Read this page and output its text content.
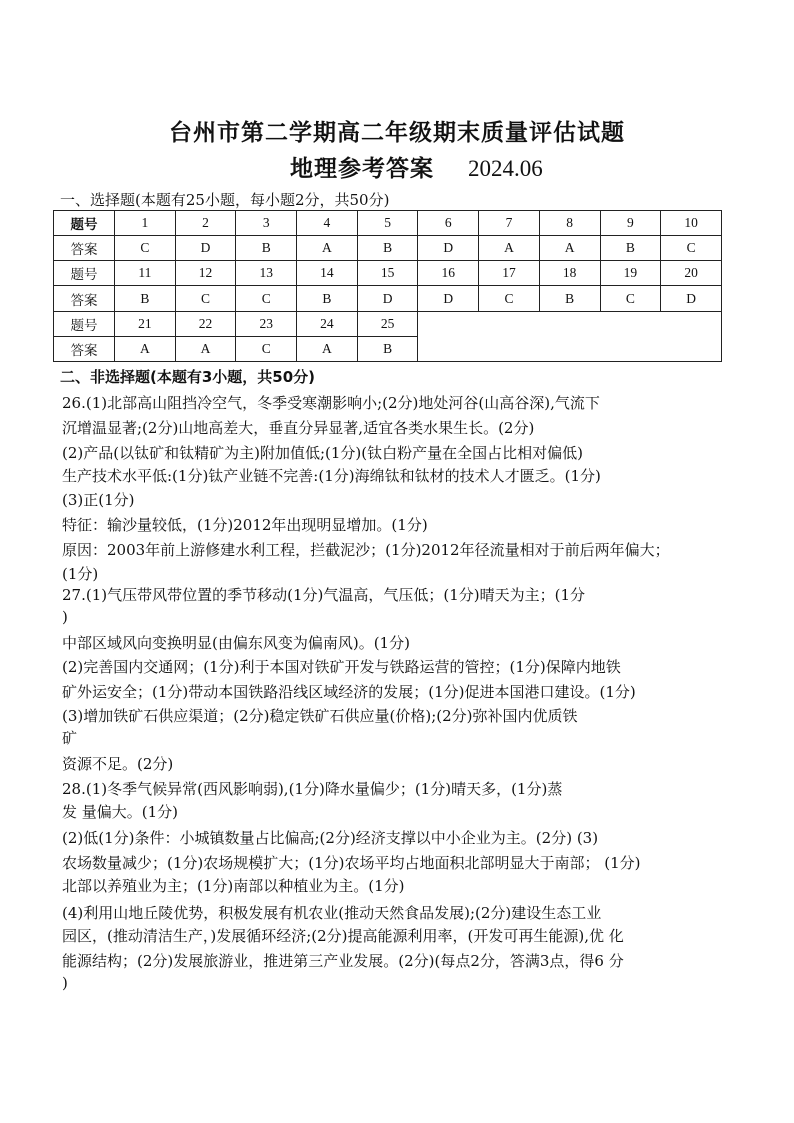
台州市第二学期高二年级期末质量评估试题
地理参考答案 2024.06
一、选择题(本题有25小题，每小题2分，共50分)
题号	1	2	3	4	5	6	7	8	9	10
答案	C	D	B	A	B	D	A	A	B	C
题号	11	12	13	14	15	16	17	18	19	20
答案	B	C	C	B	D	D	C	B	C	D
题号	21	22	23	24	25					
答案	A	A	C	A	B					
二、非选择题(本题有3小题，共50分)
26.(1)北部高山阻挡冷空气，冬季受寒潮影响小;(2分)地处河谷(山高谷深),气流下
沉增温显著;(2分)山地高差大，垂直分异显著,适宜各类水果生长。(2分)
(2)产品(以钛矿和钛精矿为主)附加值低;(1分)(钛白粉产量在全国占比相对偏低)
生产技术水平低:(1分)钛产业链不完善:(1分)海绵钛和钛材的技术人才匮乏。(1分)
(3)正(1分)
特征：输沙量较低，(1分)2012年出现明显增加。(1分)
原因：2003年前上游修建水利工程，拦截泥沙；(1分)2012年径流量相对于前后两年偏大；
(1分)
27.(1)气压带风带位置的季节移动(1分)气温高，气压低；(1分)晴天为主；(1分
)
中部区域风向变换明显(由偏东风变为偏南风)。(1分)
(2)完善国内交通网；(1分)利于本国对铁矿开发与铁路运营的管控；(1分)保障内地铁
矿外运安全；(1分)带动本国铁路沿线区域经济的发展；(1分)促进本国港口建设。(1分)
(3)增加铁矿石供应渠道；(2分)稳定铁矿石供应量(价格);(2分)弥补国内优质铁
矿
资源不足。(2分)
28.(1)冬季气候异常(西风影响弱),(1分)降水量偏少；(1分)晴天多，(1分)蒸
发 量偏大。(1分)
(2)低(1分)条件：小城镇数量占比偏高;(2分)经济支撑以中小企业为主。(2分) (3)
农场数量减少；(1分)农场规模扩大；(1分)农场平均占地面积北部明显大于南部； (1分)
北部以养殖业为主；(1分)南部以种植业为主。(1分)
(4)利用山地丘陵优势，积极发展有机农业(推动天然食品发展);(2分)建设生态工业
园区，(推动清洁生产，)发展循环经济;(2分)提高能源利用率，(开发可再生能源),优 化
能源结构；(2分)发展旅游业，推进第三产业发展。(2分)(每点2分，答满3点，得6 分
)
